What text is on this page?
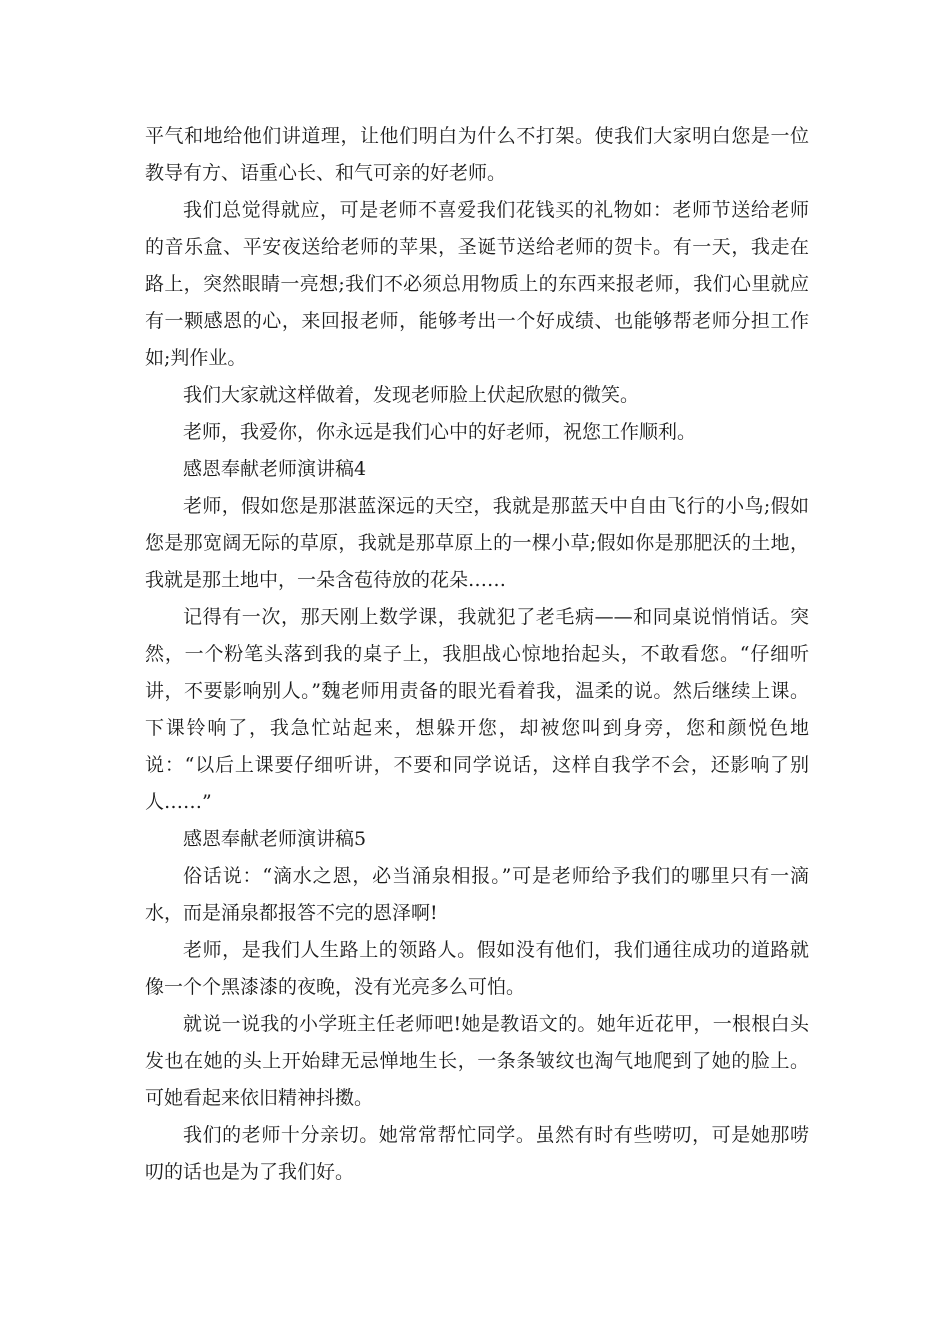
平气和地给他们讲道理，让他们明白为什么不打架。使我们大家明白您是一位教导有方、语重心长、和气可亲的好老师。

我们总觉得就应，可是老师不喜爱我们花钱买的礼物如：老师节送给老师的音乐盒、平安夜送给老师的苹果，圣诞节送给老师的贺卡。有一天，我走在路上，突然眼睛一亮想;我们不必须总用物质上的东西来报老师，我们心里就应有一颗感恩的心，来回报老师，能够考出一个好成绩、也能够帮老师分担工作如;判作业。

我们大家就这样做着，发现老师脸上伏起欣慰的微笑。

老师，我爱你，你永远是我们心中的好老师，祝您工作顺利。

感恩奉献老师演讲稿4

老师，假如您是那湛蓝深远的天空，我就是那蓝天中自由飞行的小鸟;假如您是那宽阔无际的草原，我就是那草原上的一棵小草;假如你是那肥沃的土地，我就是那土地中，一朵含苞待放的花朵……

记得有一次，那天刚上数学课，我就犯了老毛病——和同桌说悄悄话。突然，一个粉笔头落到我的桌子上，我胆战心惊地抬起头，不敢看您。“仔细听讲，不要影响别人。”魏老师用责备的眼光看着我，温柔的说。然后继续上课。下课铃响了，我急忙站起来，想躲开您，却被您叫到身旁，您和颜悦色地说：“以后上课要仔细听讲，不要和同学说话，这样自我学不会，还影响了别人……”

感恩奉献老师演讲稿5

俗话说：“滴水之恩，必当涌泉相报。”可是老师给予我们的哪里只有一滴水，而是涌泉都报答不完的恩泽啊!

老师，是我们人生路上的领路人。假如没有他们，我们通往成功的道路就像一个个黑漆漆的夜晚，没有光亮多么可怕。

就说一说我的小学班主任老师吧!她是教语文的。她年近花甲，一根根白头发也在她的头上开始肆无忌惮地生长，一条条皱纹也淘气地爬到了她的脸上。可她看起来依旧精神抖擞。

我们的老师十分亲切。她常常帮忙同学。虽然有时有些唠叨，可是她那唠叨的话也是为了我们好。
